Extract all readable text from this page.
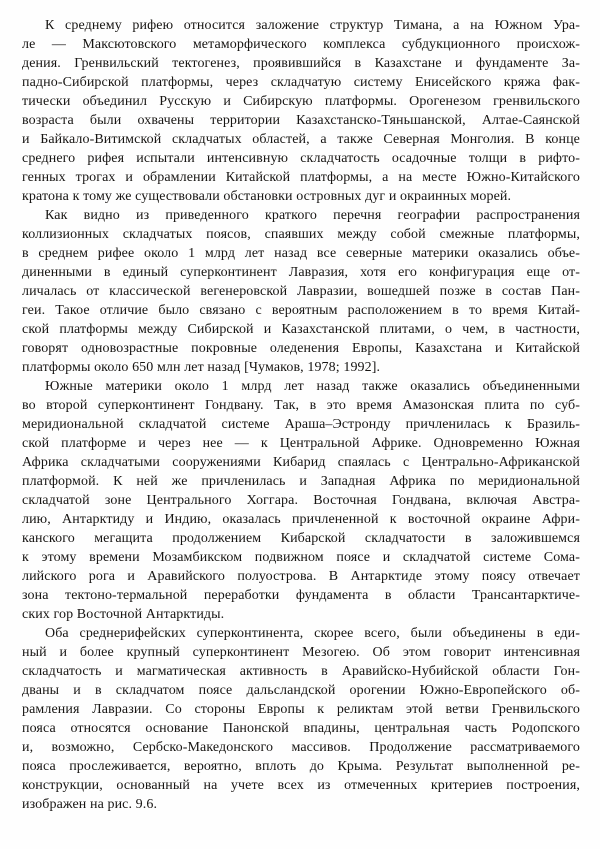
К среднему рифею относится заложение структур Тимана, а на Южном Ура-
ле — Максютовского метаморфического комплекса субдукционного происхож-
дения. Гренвильский тектогенез, проявившийся в Казахстане и фундаменте За-
падно-Сибирской платформы, через складчатую систему Енисейского кряжа фак-
тически объединил Русскую и Сибирскую платформы. Орогенезом гренвильского
возраста были охвачены территории Казахстанско-Тяньшанской, Алтае-Саянской
и Байкало-Витимской складчатых областей, а также Северная Монголия. В конце
среднего рифея испытали интенсивную складчатость осадочные толщи в рифто-
генных трогах и обрамлении Китайской платформы, а на месте Южно-Китайского
кратона к тому же существовали обстановки островных дуг и окраинных морей.
Как видно из приведенного краткого перечня географии распространения
коллизионных складчатых поясов, спаявших между собой смежные платформы,
в среднем рифее около 1 млрд лет назад все северные материки оказались объе-
диненными в единый суперконтинент Лавразия, хотя его конфигурация еще от-
личалась от классической вегенеровской Лавразии, вошедшей позже в состав Пан-
геи. Такое отличие было связано с вероятным расположением в то время Китай-
ской платформы между Сибирской и Казахстанской плитами, о чем, в частности,
говорят одновозрастные покровные оледенения Европы, Казахстана и Китайской
платформы около 650 млн лет назад [Чумаков, 1978; 1992].
Южные материки около 1 млрд лет назад также оказались объединенными
во второй суперконтинент Гондвану. Так, в это время Амазонская плита по суб-
меридиональной складчатой системе Араша–Эстронду причленилась к Бразиль-
ской платформе и через нее — к Центральной Африке. Одновременно Южная
Африка складчатыми сооружениями Кибарид спаялась с Центрально-Африканской
платформой. К ней же причленилась и Западная Африка по меридиональной
складчатой зоне Центрального Хоггара. Восточная Гондвана, включая Австра-
лию, Антарктиду и Индию, оказалась причлененной к восточной окраине Афри-
канского мегащита продолжением Кибарской складчатости в заложившемся
к этому времени Мозамбикском подвижном поясе и складчатой системе Сома-
лийского рога и Аравийского полуострова. В Антарктиде этому поясу отвечает
зона тектоно-термальной переработки фундамента в области Трансантарктиче-
ских гор Восточной Антарктиды.
Оба среднерифейских суперконтинента, скорее всего, были объединены в еди-
ный и более крупный суперконтинент Мезогею. Об этом говорит интенсивная
складчатость и магматическая активность в Аравийско-Нубийской области Гон-
дваны и в складчатом поясе дальсландской орогении Южно-Европейского об-
рамления Лавразии. Со стороны Европы к реликтам этой ветви Гренвильского
пояса относятся основание Панонской впадины, центральная часть Родопского
и, возможно, Сербско-Македонского массивов. Продолжение рассматриваемого
пояса прослеживается, вероятно, вплоть до Крыма. Результат выполненной ре-
конструкции, основанный на учете всех из отмеченных критериев построения,
изображен на рис. 9.6.
